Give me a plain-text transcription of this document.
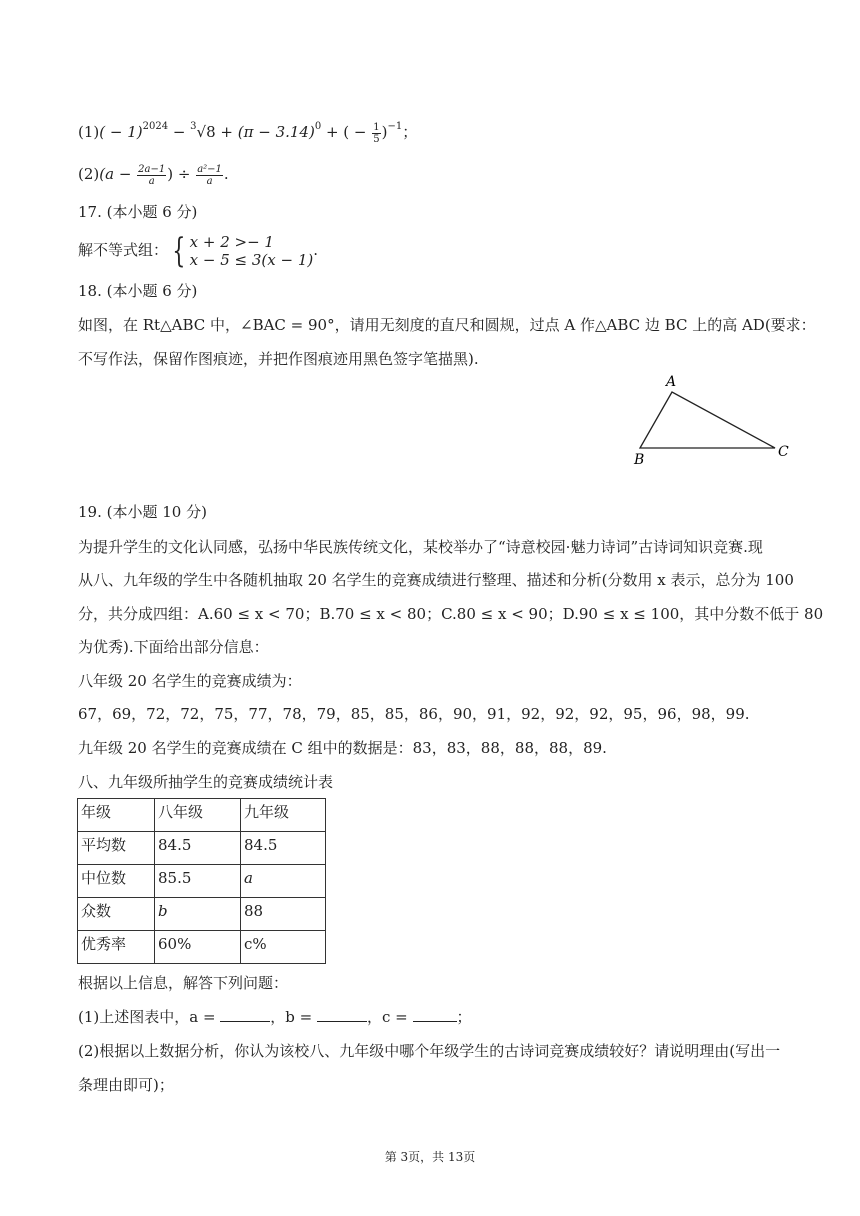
$(1)( - 1)^{2024} - ^3√8 + (\pi - 3.14)^0$ + ( − $\frac{1}{5} )^{-1}$；
$(2)(a - \frac{2a-1}{a}$ ) ÷ $\frac{\text{a²−1}}{a}$ .
17. (本小题 6 分)
解不等式组： { x + 2 >− 1
x − 5 ≤ 3(x − 1)
.
18. (本小题 6 分)
如图，在 Rt△ABC 中，∠BAC = 90°，请用无刻度的直尺和圆规，过点 A 作△ABC 边 BC 上的高 AD(要求：
不写作法，保留作图痕迹，并把作图痕迹用黑色签字笔描黑).
A
B	C
19. (本小题 10 分)
为提升学生的文化认同感，弘扬中华民族传统文化，某校举办了“诗意校园·魅力诗词”古诗词知识竞赛.现
从八、九年级的学生中各随机抽取 20 名学生的竞赛成绩进行整理、描述和分析(分数用 x 表示，总分为 100
分，共分成四组：A.60 ≤ x < 70；B.70 ≤ x < 80；C.80 ≤ x < 90；D.90 ≤ x ≤ 100，其中分数不低于 80
为优秀).下面给出部分信息：
八年级 20 名学生的竞赛成绩为：
67，69，72，72，75，77，78，79，85，85，86，90，91，92，92，92，95，96，98，99.
九年级 20 名学生的竞赛成绩在 C 组中的数据是：83，83，88，88，88，89.
八、九年级所抽学生的竞赛成绩统计表
年级	八年级	九年级
平均数	84.5	84.5
中位数	85.5	a
众数	b	88
优秀率	60%	c%
根据以上信息，解答下列问题：
(1)上述图表中，a =	，b =	，c =	；
(2)根据以上数据分析，你认为该校八、九年级中哪个年级学生的古诗词竞赛成绩较好？请说明理由(写出一
条理由即可)；
第 3页，共 13页
